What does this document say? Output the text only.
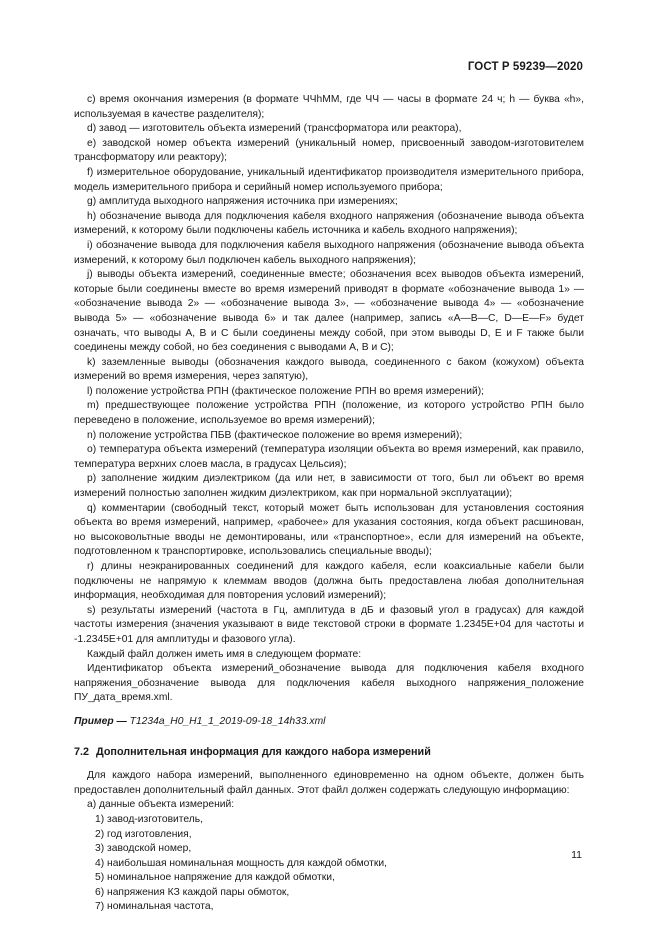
ГОСТ Р 59239—2020

c) время окончания измерения (в формате ЧЧhММ, где ЧЧ — часы в формате 24 ч; h — буква «h», используемая в качестве разделителя);

d) завод — изготовитель объекта измерений (трансформатора или реактора),

e) заводской номер объекта измерений (уникальный номер, присвоенный заводом-изготовителем трансформатору или реактору);

f) измерительное оборудование, уникальный идентификатор производителя измерительного прибора, модель измерительного прибора и серийный номер используемого прибора;

g) амплитуда выходного напряжения источника при измерениях;

h) обозначение вывода для подключения кабеля входного напряжения (обозначение вывода объекта измерений, к которому были подключены кабель источника и кабель входного напряжения);

i) обозначение вывода для подключения кабеля выходного напряжения (обозначение вывода объекта измерений, к которому был подключен кабель выходного напряжения);

j) выводы объекта измерений, соединенные вместе; обозначения всех выводов объекта измерений, которые были соединены вместе во время измерений приводят в формате «обозначение вывода 1» — «обозначение вывода 2» — «обозначение вывода 3», — «обозначение вывода 4» — «обозначение вывода 5» — «обозначение вывода 6» и так далее (например, запись «A—B—C, D—E—F» будет означать, что выводы A, B и C были соединены между собой, при этом выводы D, E и F также были соединены между собой, но без соединения с выводами A, B и C);

k) заземленные выводы (обозначения каждого вывода, соединенного с баком (кожухом) объекта измерений во время измерения, через запятую),

l) положение устройства РПН (фактическое положение РПН во время измерений);

m) предшествующее положение устройства РПН (положение, из которого устройство РПН было переведено в положение, используемое во время измерений);

n) положение устройства ПБВ (фактическое положение во время измерений);

o) температура объекта измерений (температура изоляции объекта во время измерений, как правило, температура верхних слоев масла, в градусах Цельсия);

p) заполнение жидким диэлектриком (да или нет, в зависимости от того, был ли объект во время измерений полностью заполнен жидким диэлектриком, как при нормальной эксплуатации);

q) комментарии (свободный текст, который может быть использован для установления состояния объекта во время измерений, например, «рабочее» для указания состояния, когда объект расшинован, но высоковольтные вводы не демонтированы, или «транспортное», если для измерений на объекте, подготовленном к транспортировке, использовались специальные вводы);

r) длины неэкранированных соединений для каждого кабеля, если коаксиальные кабели были подключены не напрямую к клеммам вводов (должна быть предоставлена любая дополнительная информация, необходимая для повторения условий измерений);

s) результаты измерений (частота в Гц, амплитуда в дБ и фазовый угол в градусах) для каждой частоты измерения (значения указывают в виде текстовой строки в формате 1.2345E+04 для частоты и -1.2345E+01 для амплитуды и фазового угла).

Каждый файл должен иметь имя в следующем формате:

Идентификатор объекта измерений_обозначение вывода для подключения кабеля входного напряжения_обозначение вывода для подключения кабеля выходного напряжения_положение ПУ_дата_время.xml.

Пример — T1234a_H0_H1_1_2019-09-18_14h33.xml

7.2 Дополнительная информация для каждого набора измерений

Для каждого набора измерений, выполненного единовременно на одном объекте, должен быть предоставлен дополнительный файл данных. Этот файл должен содержать следующую информацию:

а) данные объекта измерений:

1) завод-изготовитель,

2) год изготовления,

3) заводской номер,

4) наибольшая номинальная мощность для каждой обмотки,

5) номинальное напряжение для каждой обмотки,

6) напряжения КЗ каждой пары обмоток,

7) номинальная частота,

11
